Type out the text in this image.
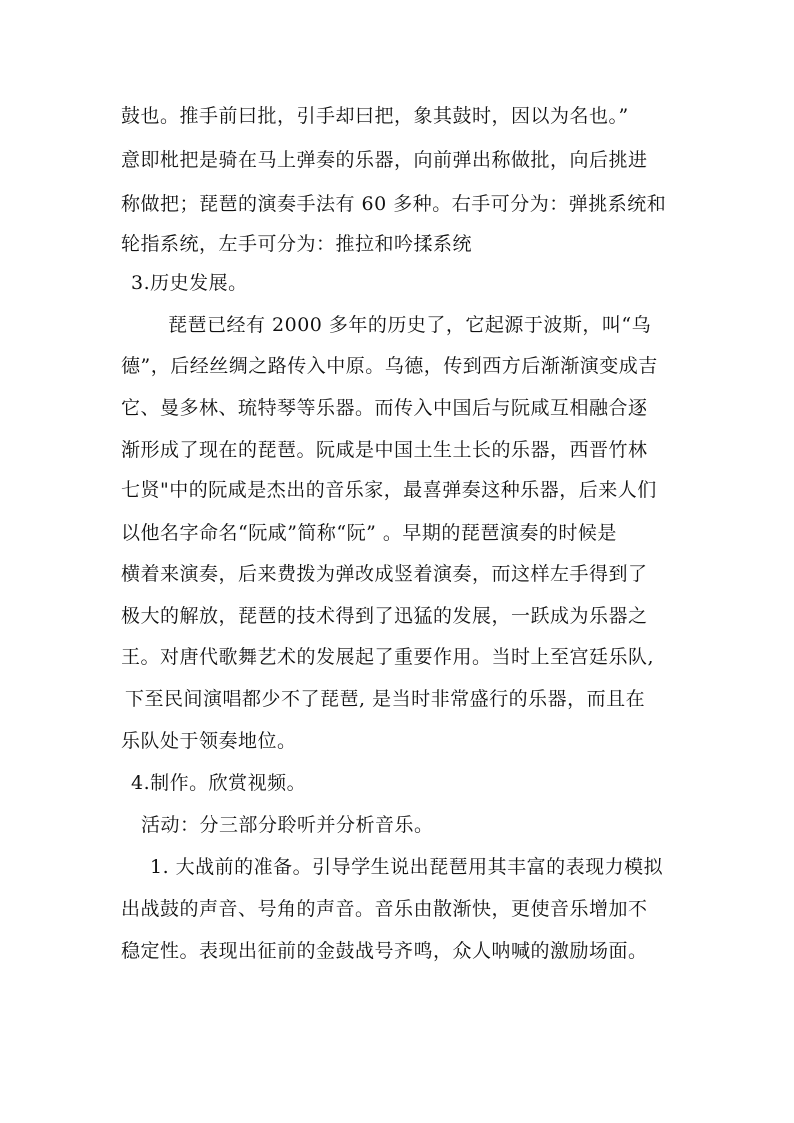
鼓也。推手前曰批，引手却曰把，象其鼓时，因以为名也。”
意即枇把是骑在马上弹奏的乐器，向前弹出称做批，向后挑进
称做把；琵琶的演奏手法有 60 多种。右手可分为：弹挑系统和
轮指系统，左手可分为：推拉和吟揉系统
3.历史发展。
琵琶已经有 2000 多年的历史了，它起源于波斯，叫“乌
德”，后经丝绸之路传入中原。乌德，传到西方后渐渐演变成吉
它、曼多林、琉特琴等乐器。而传入中国后与阮咸互相融合逐
渐形成了现在的琵琶。阮咸是中国土生土长的乐器，西晋竹林
七贤"中的阮咸是杰出的音乐家，最喜弹奏这种乐器，后来人们
以他名字命名“阮咸”简称“阮” 。早期的琵琶演奏的时候是
横着来演奏，后来费拨为弹改成竖着演奏，而这样左手得到了
极大的解放，琵琶的技术得到了迅猛的发展，一跃成为乐器之
王。对唐代歌舞艺术的发展起了重要作用。当时上至宫廷乐队,
下至民间演唱都少不了琵琶, 是当时非常盛行的乐器，而且在
乐队处于领奏地位。
4.制作。欣赏视频。
活动：分三部分聆听并分析音乐。
1. 大战前的准备。引导学生说出琵琶用其丰富的表现力模拟
出战鼓的声音、号角的声音。音乐由散渐快，更使音乐增加不
稳定性。表现出征前的金鼓战号齐鸣，众人呐喊的激励场面。
